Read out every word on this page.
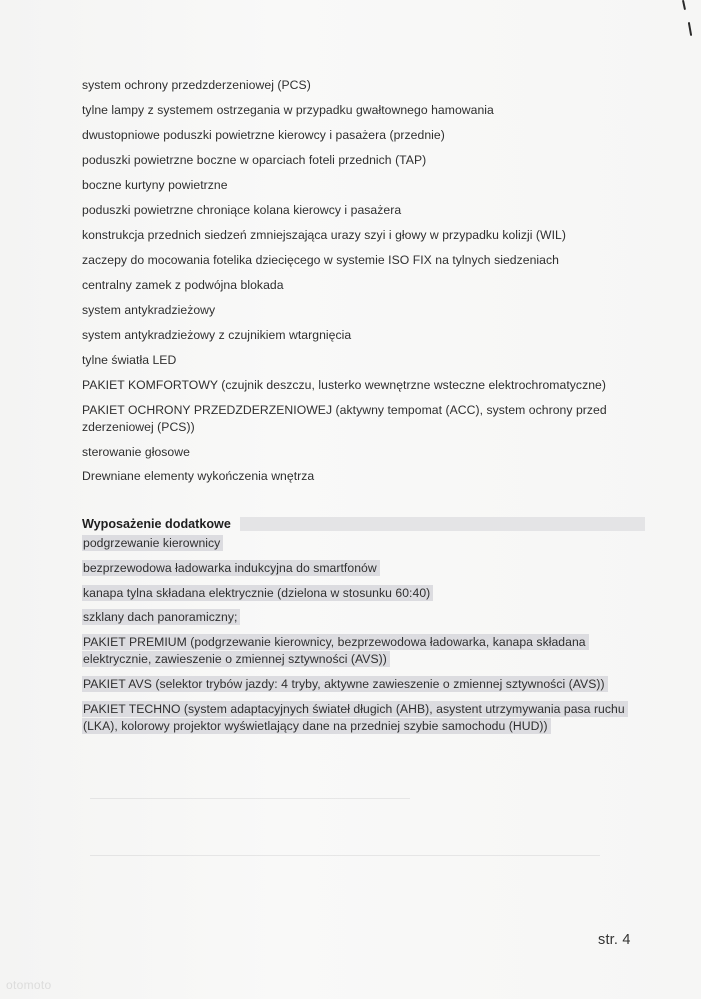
system ochrony przedzderzeniowej (PCS)
tylne lampy z systemem ostrzegania w przypadku gwałtownego hamowania
dwustopniowe poduszki powietrzne kierowcy i pasażera (przednie)
poduszki powietrzne boczne w oparciach foteli przednich (TAP)
boczne kurtyny powietrzne
poduszki powietrzne chroniące kolana kierowcy i pasażera
konstrukcja przednich siedzeń zmniejszająca urazy szyi i głowy w przypadku kolizji (WIL)
zaczepy do mocowania fotelika dziecięcego w systemie ISO FIX na tylnych siedzeniach
centralny zamek z podwójna blokada
system antykradzieżowy
system antykradzieżowy z czujnikiem wtargnięcia
tylne światła LED
PAKIET KOMFORTOWY (czujnik deszczu, lusterko wewnętrzne wsteczne elektrochromatyczne)
PAKIET OCHRONY PRZEDZDERZENIOWEJ (aktywny tempomat (ACC), system ochrony przed
zderzeniowej (PCS))
sterowanie głosowe
Drewniane elementy wykończenia wnętrza
Wyposażenie dodatkowe
podgrzewanie kierownicy
bezprzewodowa ładowarka indukcyjna do smartfonów
kanapa tylna składana elektrycznie (dzielona w stosunku 60:40)
szklany dach panoramiczny;
PAKIET PREMIUM (podgrzewanie kierownicy, bezprzewodowa ładowarka, kanapa składana
elektrycznie, zawieszenie o zmiennej sztywności (AVS))
PAKIET AVS (selektor trybów jazdy: 4 tryby, aktywne zawieszenie o zmiennej sztywności (AVS))
PAKIET TECHNO (system adaptacyjnych świateł długich (AHB), asystent utrzymywania pasa ruchu
(LKA), kolorowy projektor wyświetlający dane na przedniej szybie samochodu (HUD))
str. 4
otomoto
